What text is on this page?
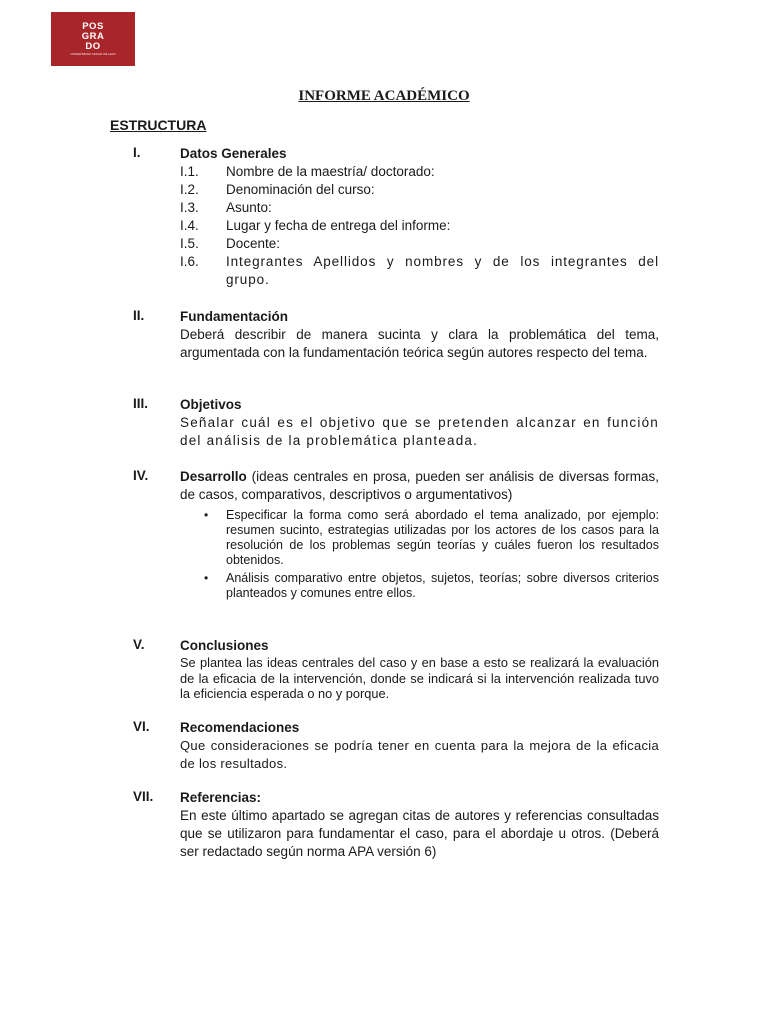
POS
GRA
DO
UNIVERSIDAD CESAR VALLEJO
INFORME ACADÉMICO
ESTRUCTURA
I.	Datos Generales
I.1.	Nombre de la maestría/ doctorado:
I.2.	Denominación del curso:
I.3.	Asunto:
I.4.	Lugar y fecha de entrega del informe:
I.5.	Docente:
I.6.	Integrantes Apellidos y nombres y de los integrantes del grupo.
II.	Fundamentación
Deberá describir de manera sucinta y clara la problemática del tema, argumentada con la fundamentación teórica según autores respecto del tema.
III. Objetivos
Señalar cuál es el objetivo que se pretenden alcanzar en función del análisis de la problemática planteada.
IV. Desarrollo (ideas centrales en prosa, pueden ser análisis de diversas formas, de casos, comparativos, descriptivos o argumentativos)
• Especificar la forma como será abordado el tema analizado, por ejemplo: resumen sucinto, estrategias utilizadas por los actores de los casos para la resolución de los problemas según teorías y cuáles fueron los resultados obtenidos.
• Análisis comparativo entre objetos, sujetos, teorías; sobre diversos criterios planteados y comunes entre ellos.
V.	Conclusiones
Se plantea las ideas centrales del caso y en base a esto se realizará la evaluación de la eficacia de la intervención, donde se indicará si la intervención realizada tuvo la eficiencia esperada o no y porque.
VI. Recomendaciones
Que consideraciones se podría tener en cuenta para la mejora de la eficacia de los resultados.
VII. Referencias:
En este último apartado se agregan citas de autores y referencias consultadas que se utilizaron para fundamentar el caso, para el abordaje u otros. (Deberá ser redactado según norma APA versión 6)
